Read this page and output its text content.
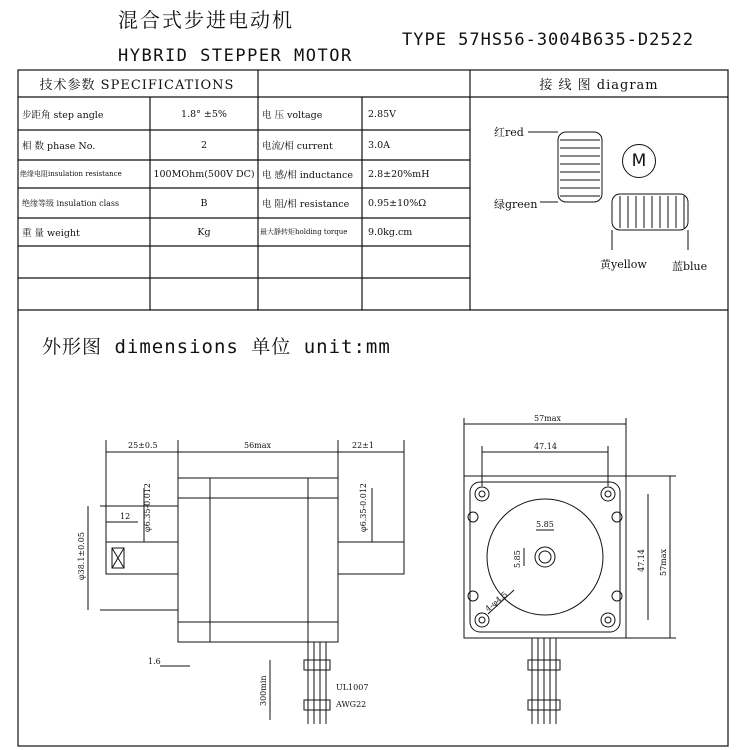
混合式步进电动机
HYBRID STEPPER MOTOR
TYPE 57HS56-3004B635-D2522
技术参数 SPECIFICATIONS	接 线 图 diagram
步距角 step angle	1.8° ±5%	电 压 voltage	2.85V
相 数 phase No.	2	电流/相 current	3.0A
绝缘电阻insulation resistance	100MOhm(500V DC) 电 感/相 inductance	2.8±20%mH
绝缘等级 insulation class	B	电 阻/相 resistance	0.95±10%Ω
重 量 weight	Kg	最大静转矩holding torque	9.0kg.cm
红red
绿green
黄yellow 蓝blue
M
外形图 dimensions 单位 unit:mm
25±0.5	56max	22±1
12 φ6.35-0.012	φ6.35-0.012
φ38.1±0.05
1.6
300min	UL1007
AWG22
57max
47.14
47.14 57max
5.85
5.85
4-φ4.5
